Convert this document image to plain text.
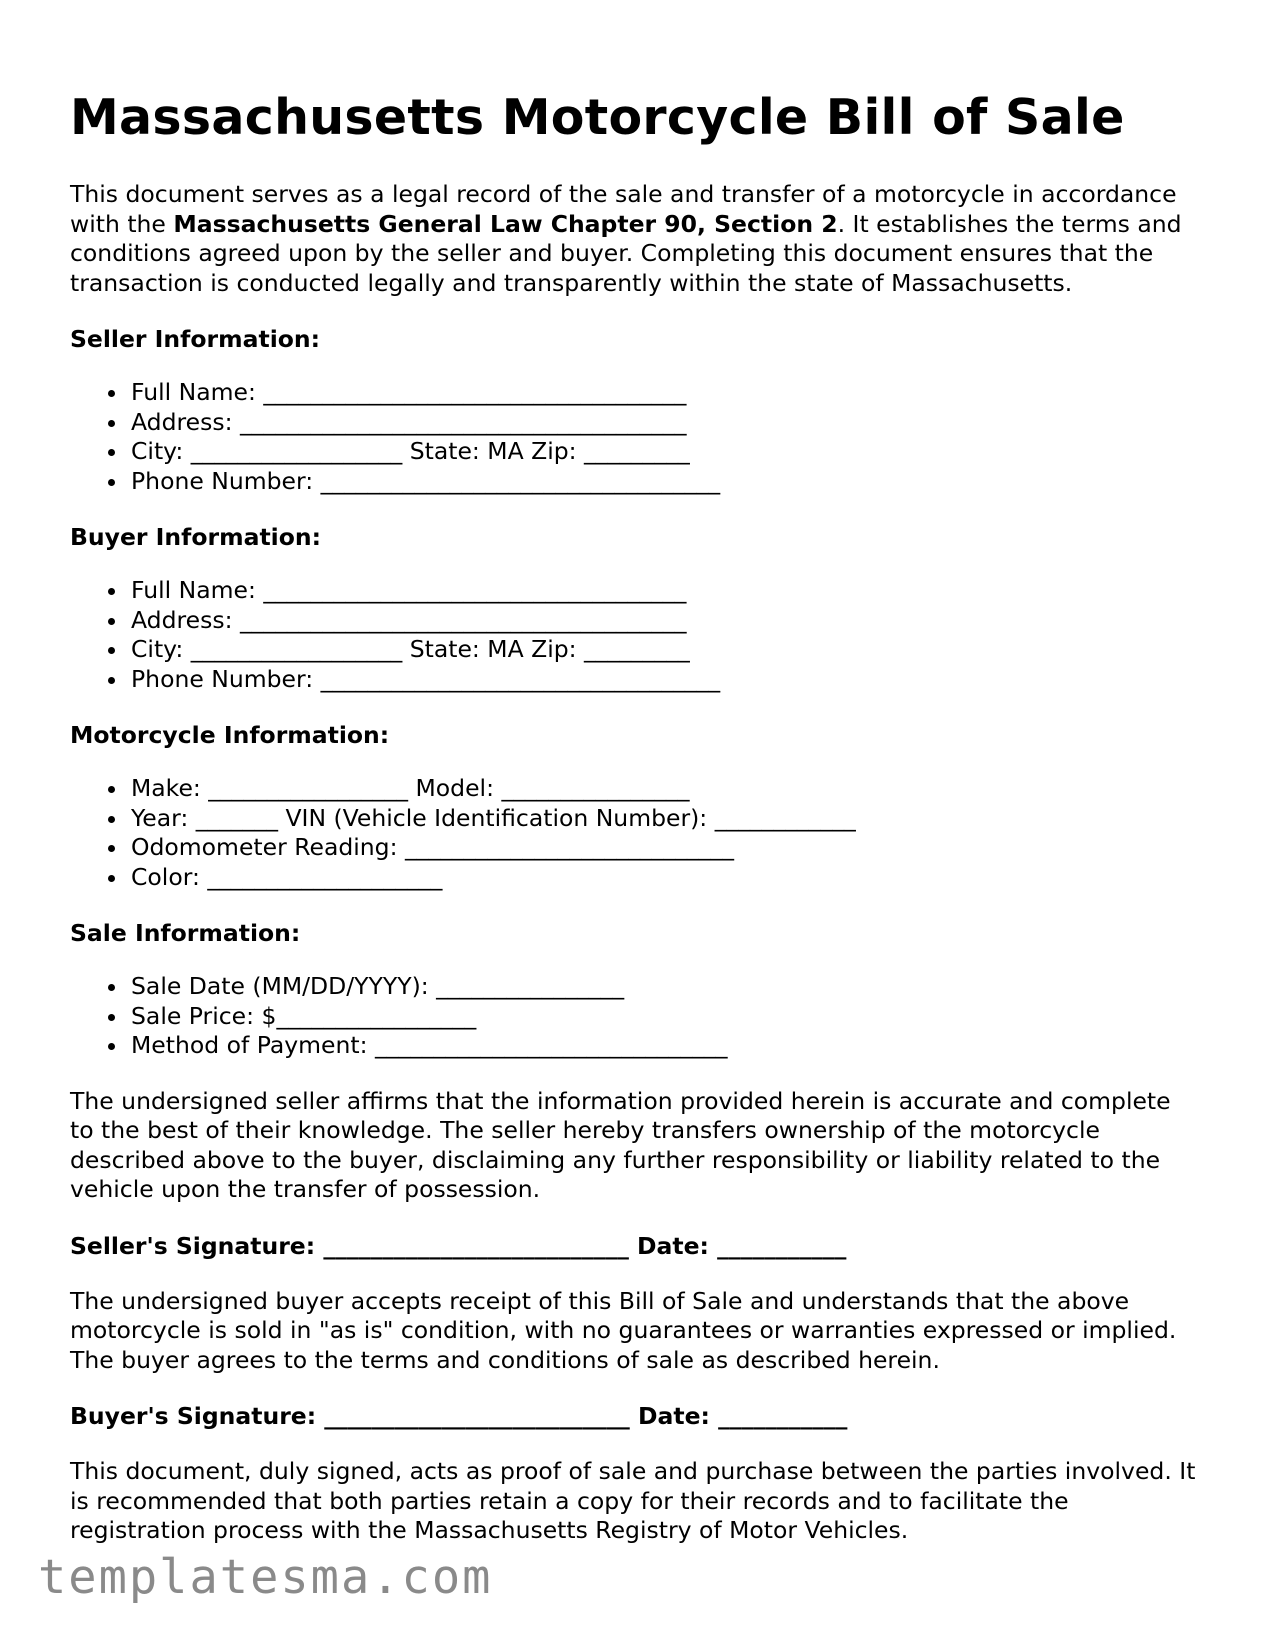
Massachusetts Motorcycle Bill of Sale

This document serves as a legal record of the sale and transfer of a motorcycle in accordance with the Massachusetts General Law Chapter 90, Section 2. It establishes the terms and conditions agreed upon by the seller and buyer. Completing this document ensures that the transaction is conducted legally and transparently within the state of Massachusetts.

Seller Information:
Full Name: ____________________________________
Address: ______________________________________
City: __________________ State: MA Zip: _________
Phone Number: __________________________________
Buyer Information:
Full Name: ____________________________________
Address: ______________________________________
City: __________________ State: MA Zip: _________
Phone Number: __________________________________
Motorcycle Information:
Make: _________________ Model: ________________
Year: _______ VIN (Vehicle Identification Number): ____________
Odomometer Reading: ____________________________
Color: ____________________
Sale Information:
Sale Date (MM/DD/YYYY): ________________
Sale Price: $_________________
Method of Payment: ______________________________

The undersigned seller affirms that the information provided herein is accurate and complete to the best of their knowledge. The seller hereby transfers ownership of the motorcycle described above to the buyer, disclaiming any further responsibility or liability related to the vehicle upon the transfer of possession.

Seller's Signature: __________________________ Date: ___________

The undersigned buyer accepts receipt of this Bill of Sale and understands that the above motorcycle is sold in "as is" condition, with no guarantees or warranties expressed or implied. The buyer agrees to the terms and conditions of sale as described herein.

Buyer's Signature: __________________________ Date: ___________

This document, duly signed, acts as proof of sale and purchase between the parties involved. It is recommended that both parties retain a copy for their records and to facilitate the registration process with the Massachusetts Registry of Motor Vehicles.

templatesma.com
